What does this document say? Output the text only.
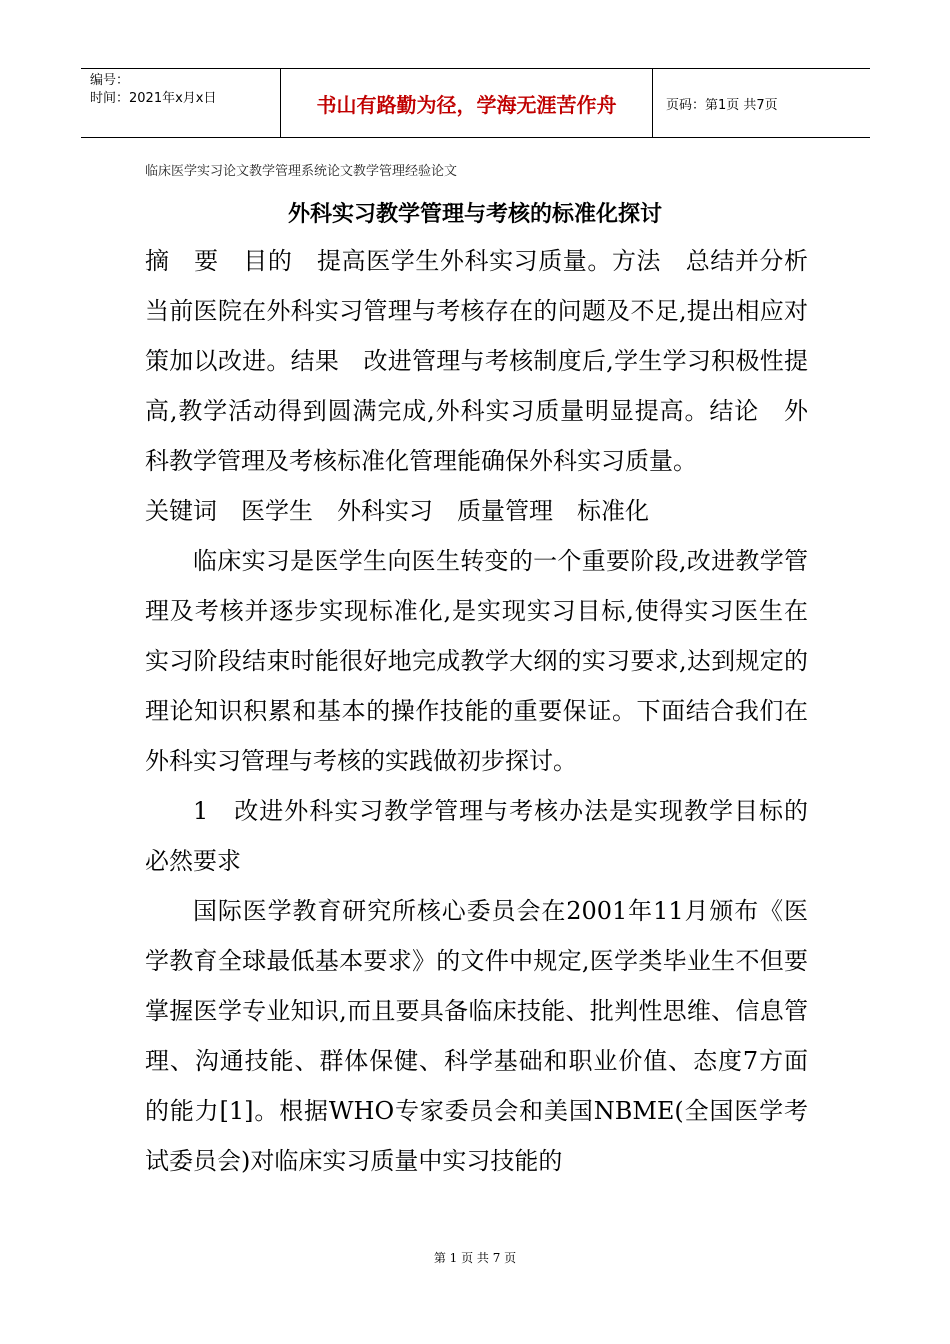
编号：
时间：2021年x月x日	书山有路勤为径，学海无涯苦作舟	页码：第1页 共7页
临床医学实习论文教学管理系统论文教学管理经验论文
外科实习教学管理与考核的标准化探讨

摘　要　目的　提高医学生外科实习质量。方法　总结并分析当前医院在外科实习管理与考核存在的问题及不足,提出相应对策加以改进。结果　改进管理与考核制度后,学生学习积极性提高,教学活动得到圆满完成,外科实习质量明显提高。结论　外科教学管理及考核标准化管理能确保外科实习质量。

关键词　医学生　外科实习　质量管理　标准化

临床实习是医学生向医生转变的一个重要阶段,改进教学管理及考核并逐步实现标准化,是实现实习目标,使得实习医生在实习阶段结束时能很好地完成教学大纲的实习要求,达到规定的理论知识积累和基本的操作技能的重要保证。下面结合我们在外科实习管理与考核的实践做初步探讨。

1　改进外科实习教学管理与考核办法是实现教学目标的必然要求

国际医学教育研究所核心委员会在2001年11月颁布《医学教育全球最低基本要求》的文件中规定,医学类毕业生不但要掌握医学专业知识,而且要具备临床技能、批判性思维、信息管理、沟通技能、群体保健、科学基础和职业价值、态度7方面的能力[1]。根据WHO专家委员会和美国NBME(全国医学考试委员会)对临床实习质量中实习技能的

第 1 页 共 7 页
